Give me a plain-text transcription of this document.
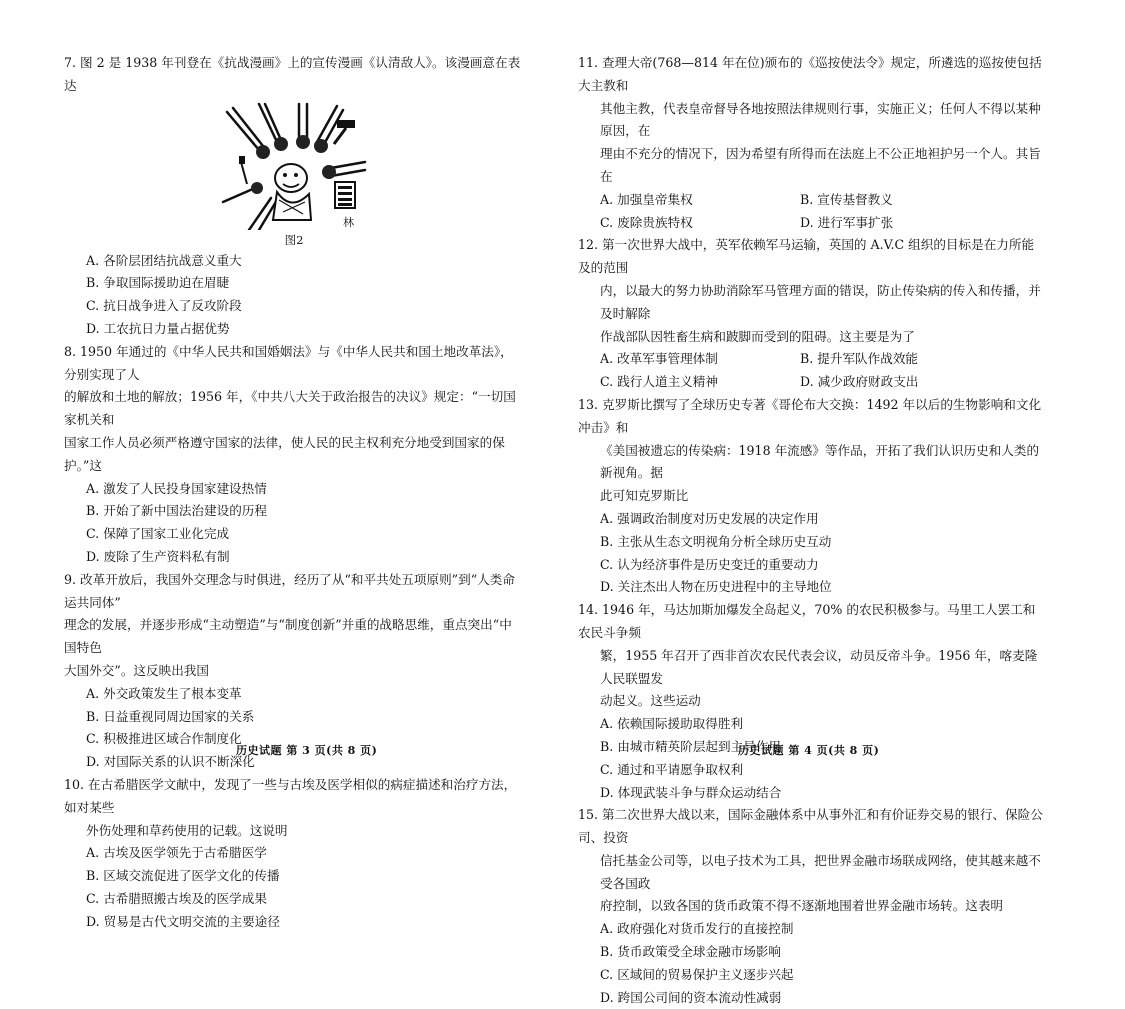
7. 图 2 是 1938 年刊登在《抗战漫画》上的宣传漫画《认清敌人》。该漫画意在表达

林
图2

A. 各阶层团结抗战意义重大

B. 争取国际援助迫在眉睫

C. 抗日战争进入了反攻阶段

D. 工农抗日力量占据优势

8. 1950 年通过的《中华人民共和国婚姻法》与《中华人民共和国土地改革法》，分别实现了人

的解放和土地的解放；1956 年，《中共八大关于政治报告的决议》规定：“一切国家机关和

国家工作人员必须严格遵守国家的法律，使人民的民主权利充分地受到国家的保护。”这

A. 激发了人民投身国家建设热情

B. 开始了新中国法治建设的历程

C. 保障了国家工业化完成

D. 废除了生产资料私有制

9. 改革开放后，我国外交理念与时俱进，经历了从“和平共处五项原则”到“人类命运共同体”

理念的发展，并逐步形成“主动塑造”与“制度创新”并重的战略思维，重点突出“中国特色

大国外交”。这反映出我国

A. 外交政策发生了根本变革

B. 日益重视同周边国家的关系

C. 积极推进区域合作制度化

D. 对国际关系的认识不断深化

10. 在古希腊医学文献中，发现了一些与古埃及医学相似的病症描述和治疗方法，如对某些

外伤处理和草药使用的记载。这说明

A. 古埃及医学领先于古希腊医学

B. 区域交流促进了医学文化的传播

C. 古希腊照搬古埃及的医学成果

D. 贸易是古代文明交流的主要途径

11. 查理大帝(768—814 年在位)颁布的《巡按使法令》规定，所遴选的巡按使包括大主教和

其他主教，代表皇帝督导各地按照法律规则行事，实施正义；任何人不得以某种原因，在

理由不充分的情况下，因为希望有所得而在法庭上不公正地袒护另一个人。其旨在

A. 加强皇帝集权	B. 宣传基督教义
C. 废除贵族特权	D. 进行军事扩张

12. 第一次世界大战中，英军依赖军马运输，英国的 A.V.C 组织的目标是在力所能及的范围

内，以最大的努力协助消除军马管理方面的错误，防止传染病的传入和传播，并及时解除

作战部队因牲畜生病和跛脚而受到的阻碍。这主要是为了

A. 改革军事管理体制	B. 提升军队作战效能
C. 践行人道主义精神	D. 减少政府财政支出

13. 克罗斯比撰写了全球历史专著《哥伦布大交换：1492 年以后的生物影响和文化冲击》和

《美国被遗忘的传染病：1918 年流感》等作品，开拓了我们认识历史和人类的新视角。据

此可知克罗斯比

A. 强调政治制度对历史发展的决定作用

B. 主张从生态文明视角分析全球历史互动

C. 认为经济事件是历史变迁的重要动力

D. 关注杰出人物在历史进程中的主导地位

14. 1946 年，马达加斯加爆发全岛起义，70% 的农民积极参与。马里工人罢工和农民斗争频

繁，1955 年召开了西非首次农民代表会议，动员反帝斗争。1956 年，喀麦隆人民联盟发

动起义。这些运动

A. 依赖国际援助取得胜利

B. 由城市精英阶层起到主导作用

C. 通过和平请愿争取权利

D. 体现武装斗争与群众运动结合

15. 第二次世界大战以来，国际金融体系中从事外汇和有价证券交易的银行、保险公司、投资

信托基金公司等，以电子技术为工具，把世界金融市场联成网络，使其越来越不受各国政

府控制，以致各国的货币政策不得不逐渐地围着世界金融市场转。这表明

A. 政府强化对货币发行的直接控制

B. 货币政策受全球金融市场影响

C. 区域间的贸易保护主义逐步兴起

D. 跨国公司间的资本流动性减弱

历史试题 第 3 页(共 8 页)	历史试题 第 4 页(共 8 页)
